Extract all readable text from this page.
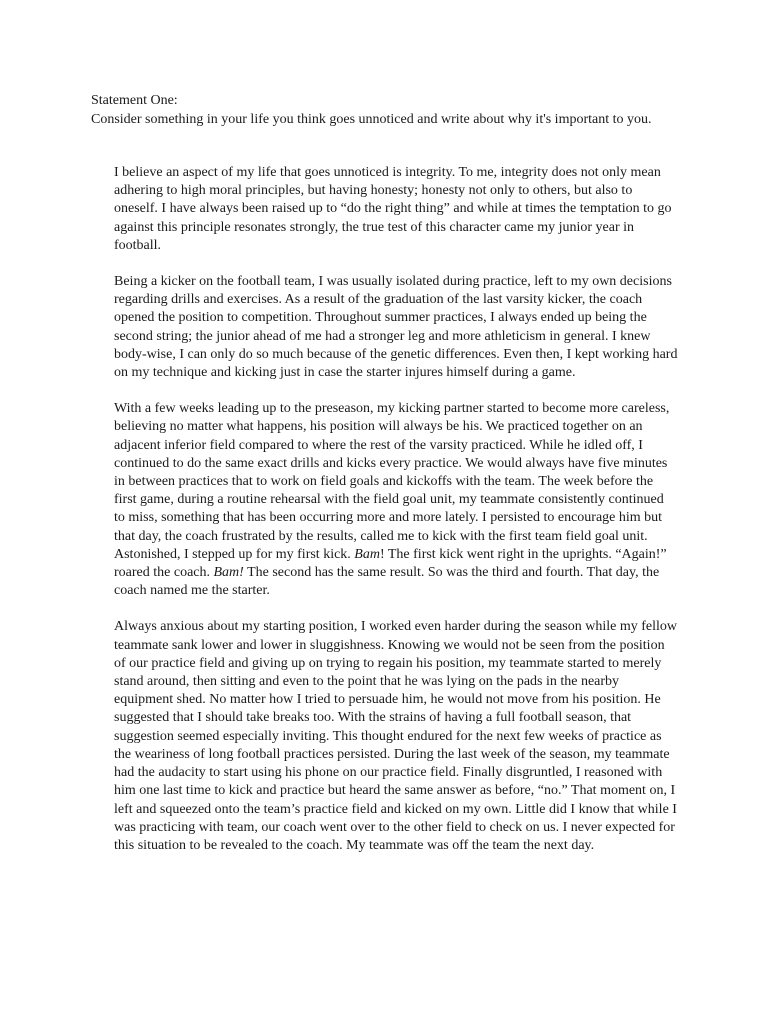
Statement One:

Consider something in your life you think goes unnoticed and write about why it's important to you.

I believe an aspect of my life that goes unnoticed is integrity. To me, integrity does not only mean adhering to high moral principles, but having honesty; honesty not only to others, but also to oneself. I have always been raised up to “do the right thing” and while at times the temptation to go against this principle resonates strongly, the true test of this character came my junior year in football.

Being a kicker on the football team, I was usually isolated during practice, left to my own decisions regarding drills and exercises. As a result of the graduation of the last varsity kicker, the coach opened the position to competition. Throughout summer practices, I always ended up being the second string; the junior ahead of me had a stronger leg and more athleticism in general. I knew body-wise, I can only do so much because of the genetic differences. Even then, I kept working hard on my technique and kicking just in case the starter injures himself during a game.

With a few weeks leading up to the preseason, my kicking partner started to become more careless, believing no matter what happens, his position will always be his. We practiced together on an adjacent inferior field compared to where the rest of the varsity practiced. While he idled off, I continued to do the same exact drills and kicks every practice. We would always have five minutes in between practices that to work on field goals and kickoffs with the team. The week before the first game, during a routine rehearsal with the field goal unit, my teammate consistently continued to miss, something that has been occurring more and more lately. I persisted to encourage him but that day, the coach frustrated by the results, called me to kick with the first team field goal unit. Astonished, I stepped up for my first kick. Bam! The first kick went right in the uprights. “Again!” roared the coach. Bam! The second has the same result. So was the third and fourth. That day, the coach named me the starter.

Always anxious about my starting position, I worked even harder during the season while my fellow teammate sank lower and lower in sluggishness. Knowing we would not be seen from the position of our practice field and giving up on trying to regain his position, my teammate started to merely stand around, then sitting and even to the point that he was lying on the pads in the nearby equipment shed. No matter how I tried to persuade him, he would not move from his position. He suggested that I should take breaks too. With the strains of having a full football season, that suggestion seemed especially inviting. This thought endured for the next few weeks of practice as the weariness of long football practices persisted. During the last week of the season, my teammate had the audacity to start using his phone on our practice field. Finally disgruntled, I reasoned with him one last time to kick and practice but heard the same answer as before, “no.” That moment on, I left and squeezed onto the team’s practice field and kicked on my own. Little did I know that while I was practicing with team, our coach went over to the other field to check on us. I never expected for this situation to be revealed to the coach. My teammate was off the team the next day.
